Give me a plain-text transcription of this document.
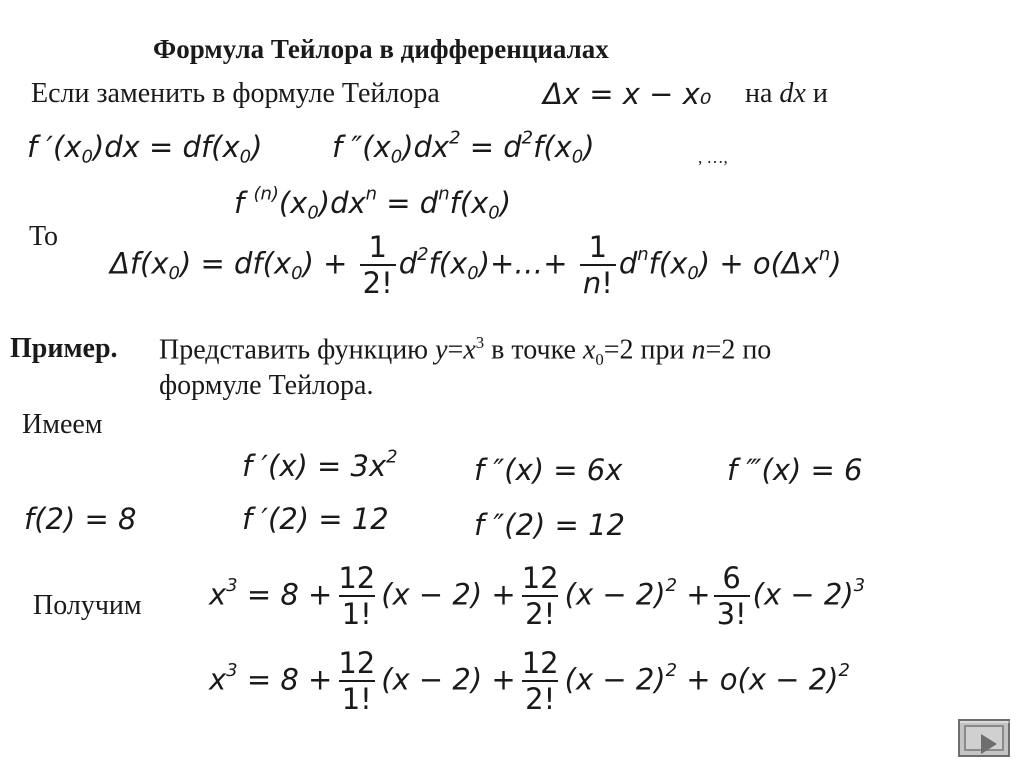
Формула Тейлора в дифференциалах
Если заменить в формуле Тейлора	Δx = x − x₀ на dx и
f $'(x_0)dx = df(x_0)$ f $''(x_0)dx^2 = d^2f(x_0)$	, …,
f $^{(n)}(x_0)dx^n = d^nf(x_0)$
То
$\Delta f(x_0) = df(x_0) + \frac{1}{2!}$ $d^2f(x_0)+\dots+ \frac{1}{n!} d^nf(x_0) + o(\Delta x^n)$
Пример. Представить функцию $y=x^3$ в точке $x_0=2$ при n=2 по
формуле Тейлора.
Имеем
f $'(x) = 3x^2$	f ″(x) = 6x	f ‴(x) = 6
f(2) = 8	f ′(2) = 12	f ″(2) = 12
Получим $x^3 = 8 + \frac{12}{1!} (x - 2) + \frac{12}{2!} (x - 2)^2 + \frac{6}{3!} (x - 2)^3$
$x^3 = 8 + \frac{12}{1!} (x - 2) + \frac{12}{2!} (x - 2)^2 + o(x - 2)^2$
